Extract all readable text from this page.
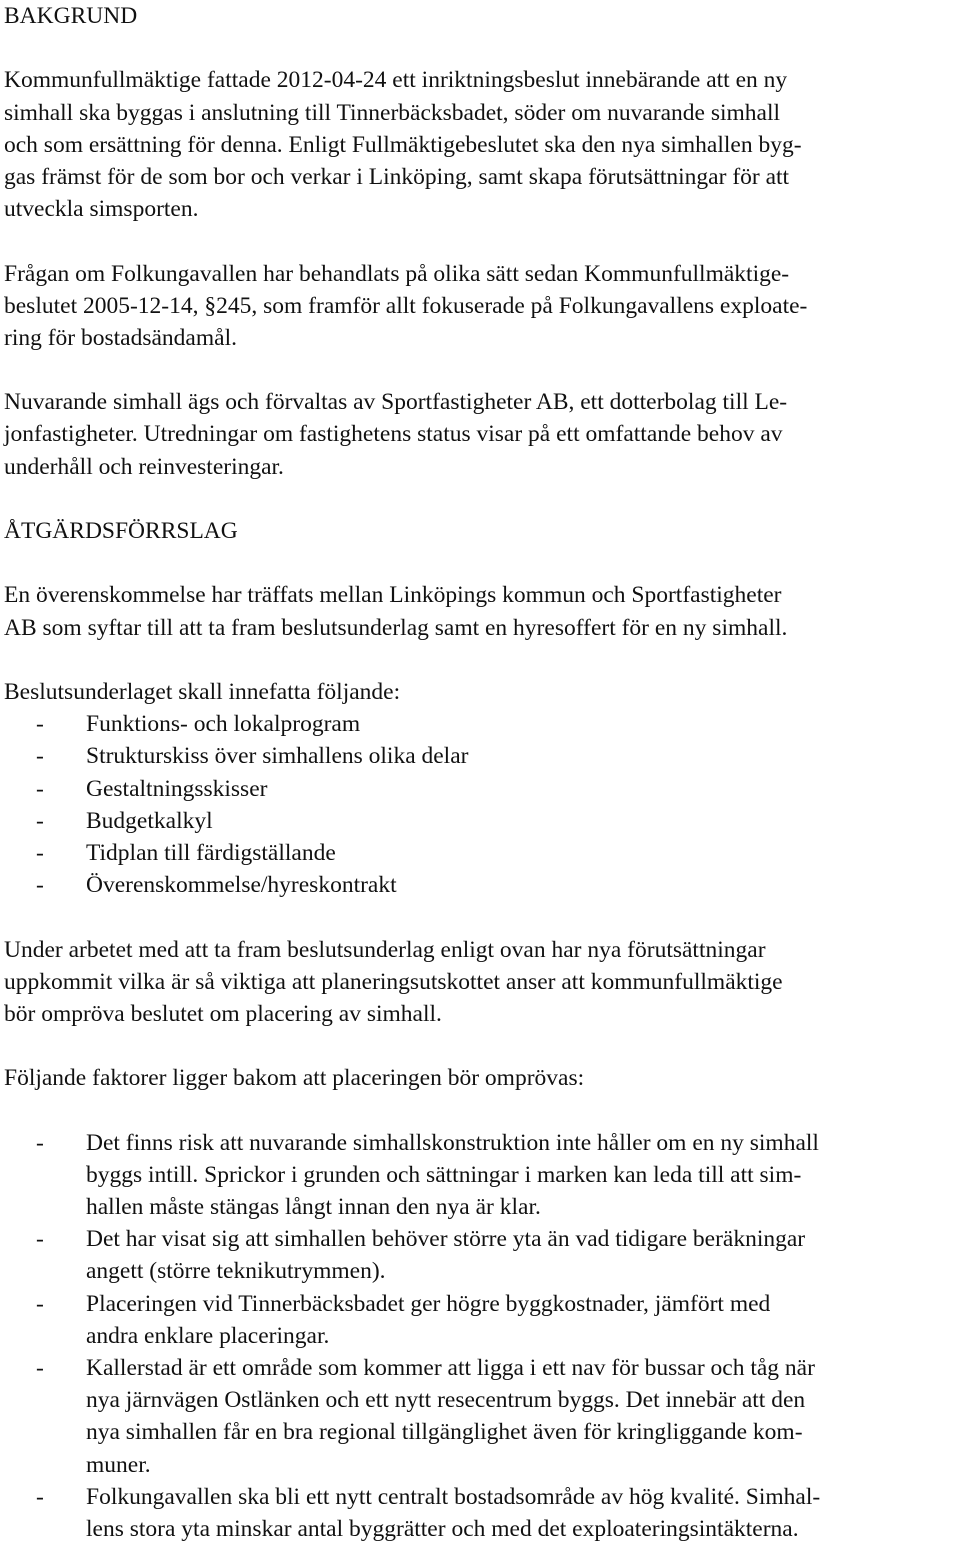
BAKGRUND

Kommunfullmäktige fattade 2012-04-24 ett inriktningsbeslut innebärande att en ny

simhall ska byggas i anslutning till Tinnerbäcksbadet, söder om nuvarande simhall

och som ersättning för denna. Enligt Fullmäktigebeslutet ska den nya simhallen byg-

gas främst för de som bor och verkar i Linköping, samt skapa förutsättningar för att

utveckla simsporten.

Frågan om Folkungavallen har behandlats på olika sätt sedan Kommunfullmäktige-

beslutet 2005-12-14, §245, som framför allt fokuserade på Folkungavallens exploate-

ring för bostadsändamål.

Nuvarande simhall ägs och förvaltas av Sportfastigheter AB, ett dotterbolag till Le-

jonfastigheter. Utredningar om fastighetens status visar på ett omfattande behov av

underhåll och reinvesteringar.

ÅTGÄRDSFÖRRSLAG

En överenskommelse har träffats mellan Linköpings kommun och Sportfastigheter

AB som syftar till att ta fram beslutsunderlag samt en hyresoffert för en ny simhall.

Beslutsunderlaget skall innefatta följande:

-	Funktions- och lokalprogram

-	Strukturskiss över simhallens olika delar

-	Gestaltningsskisser

-	Budgetkalkyl

-	Tidplan till färdigställande

-	Överenskommelse/hyreskontrakt

Under arbetet med att ta fram beslutsunderlag enligt ovan har nya förutsättningar

uppkommit vilka är så viktiga att planeringsutskottet anser att kommunfullmäktige

bör ompröva beslutet om placering av simhall.

Följande faktorer ligger bakom att placeringen bör omprövas:

-	Det finns risk att nuvarande simhallskonstruktion inte håller om en ny simhall

byggs intill. Sprickor i grunden och sättningar i marken kan leda till att sim-

hallen måste stängas långt innan den nya är klar.

-	Det har visat sig att simhallen behöver större yta än vad tidigare beräkningar

angett (större teknikutrymmen).

-	Placeringen vid Tinnerbäcksbadet ger högre byggkostnader, jämfört med

andra enklare placeringar.

-	Kallerstad är ett område som kommer att ligga i ett nav för bussar och tåg när

nya järnvägen Ostlänken och ett nytt resecentrum byggs. Det innebär att den

nya simhallen får en bra regional tillgänglighet även för kringliggande kom-

muner.

-	Folkungavallen ska bli ett nytt centralt bostadsområde av hög kvalité. Simhal-

lens stora yta minskar antal byggrätter och med det exploateringsintäkterna.
